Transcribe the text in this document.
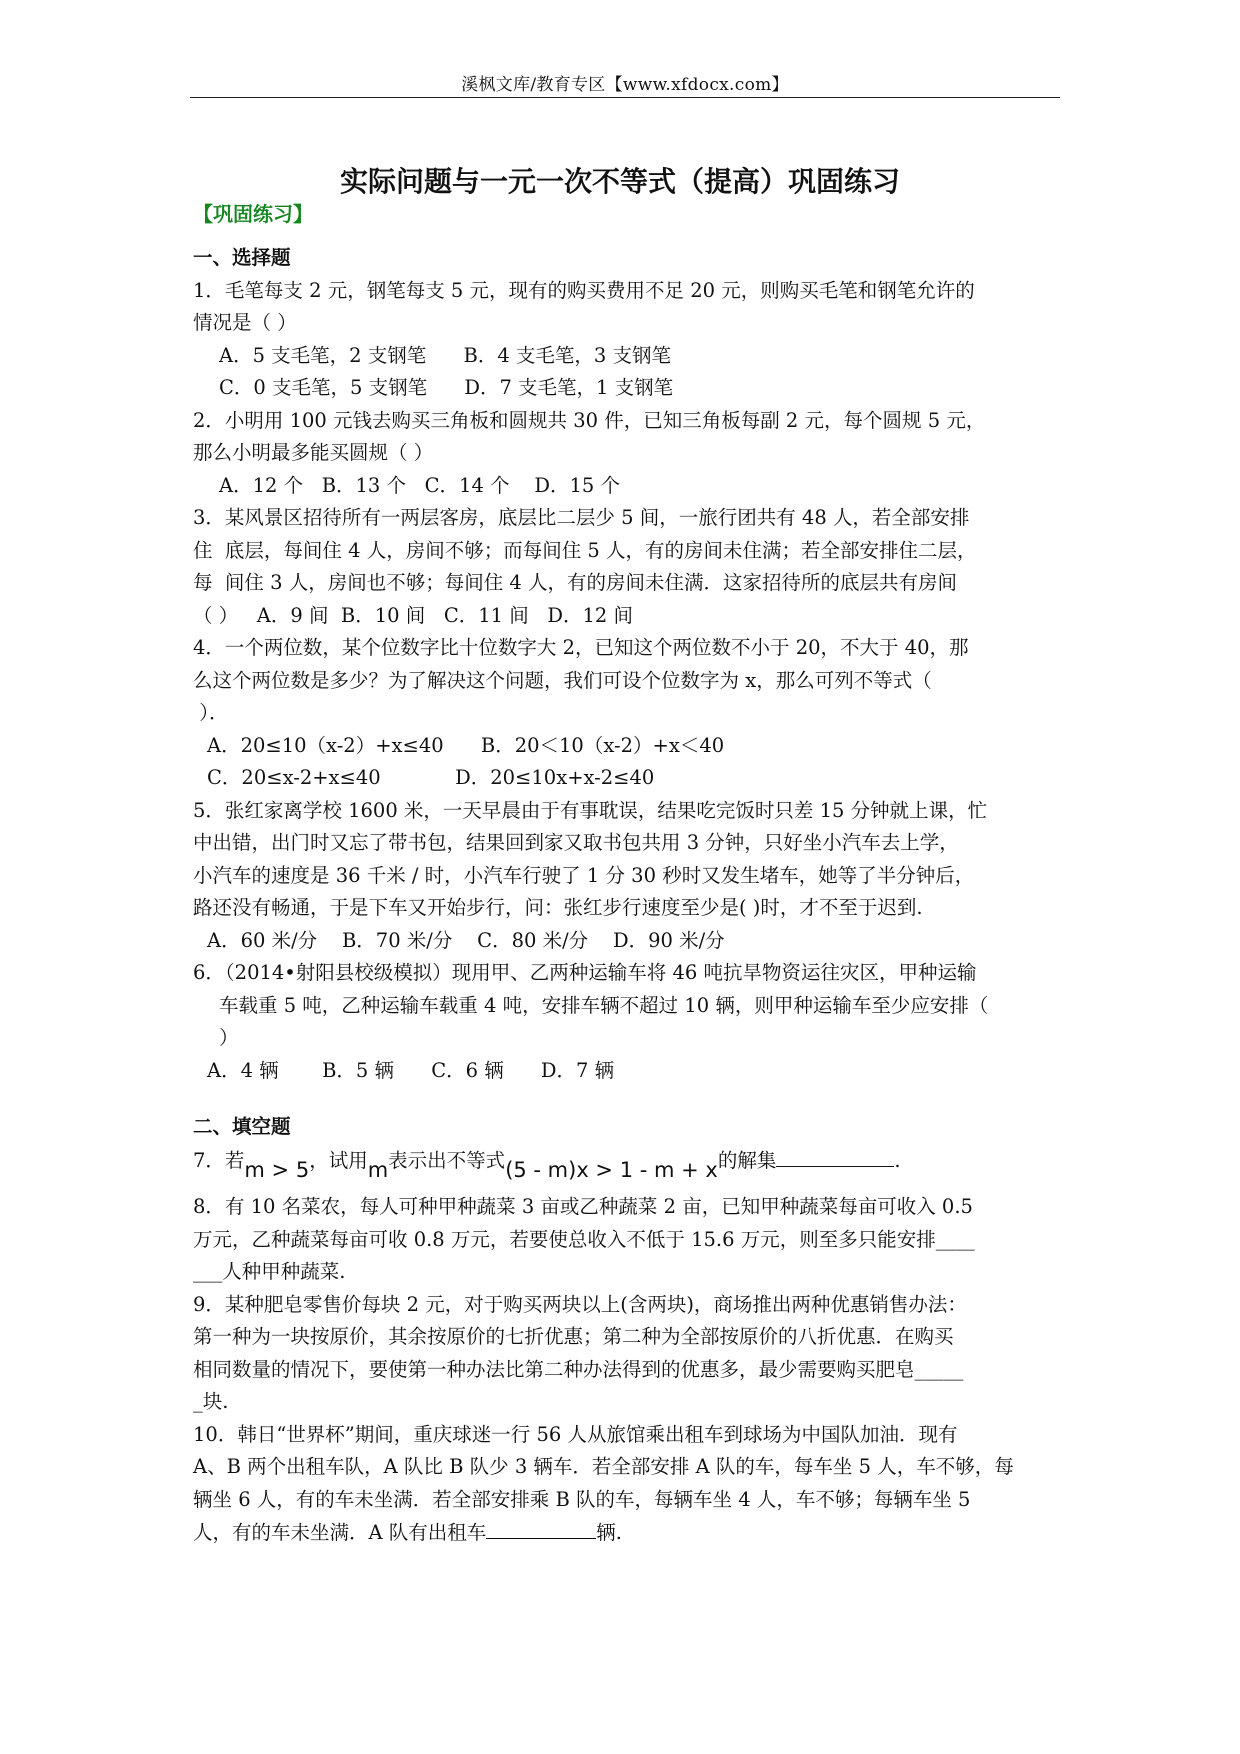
溪枫文库/教育专区【www.xfdocx.com】
实际问题与一元一次不等式（提高）巩固练习
【巩固练习】
一、选择题
1．毛笔每支 2 元，钢笔每支 5 元，现有的购买费用不足 20 元，则购买毛笔和钢笔允许的
情况是（ ）
A．5 支毛笔，2 支钢笔      B．4 支毛笔，3 支钢笔
C．0 支毛笔，5 支钢笔      D．7 支毛笔，1 支钢笔
2．小明用 100 元钱去购买三角板和圆规共 30 件，已知三角板每副 2 元，每个圆规 5 元，
那么小明最多能买圆规（ ）
A．12 个   B．13 个   C．14 个    D．15 个
3．某风景区招待所有一两层客房，底层比二层少 5 间，一旅行团共有 48 人，若全部安排
住  底层，每间住 4 人，房间不够；而每间住 5 人，有的房间未住满；若全部安排住二层，
每  间住 3 人，房间也不够；每间住 4 人，有的房间未住满．这家招待所的底层共有房间
（ ）   A．9 间  B．10 间   C．11 间   D．12 间
4．一个两位数，某个位数字比十位数字大 2，已知这个两位数不小于 20，不大于 40，那
么这个两位数是多少？为了解决这个问题，我们可设个位数字为 x，那么可列不等式（
）．
A．20≤10（x-2）+x≤40      B．20＜10（x-2）+x＜40
C．20≤x-2+x≤40            D．20≤10x+x-2≤40
5．张红家离学校 1600 米，一天早晨由于有事耽误，结果吃完饭时只差 15 分钟就上课，忙
中出错，出门时又忘了带书包，结果回到家又取书包共用 3 分钟，只好坐小汽车去上学，
小汽车的速度是 36 千米 / 时，小汽车行驶了 1 分 30 秒时又发生堵车，她等了半分钟后，
路还没有畅通，于是下车又开始步行，问：张红步行速度至少是( )时，才不至于迟到.
A．60 米/分    B．70 米/分    C．80 米/分    D．90 米/分
6．（2014•射阳县校级模拟）现用甲、乙两种运输车将 46 吨抗旱物资运往灾区，甲种运输
车载重 5 吨，乙种运输车载重 4 吨，安排车辆不超过 10 辆，则甲种运输车至少应安排（
）
A．4 辆       B．5 辆      C．6 辆      D．7 辆
二、填空题
7．若m > 5，试用m表示出不等式(5 - m)x > 1 - m + x的解集	.
8．有 10 名菜农，每人可种甲种蔬菜 3 亩或乙种蔬菜 2 亩，已知甲种蔬菜每亩可收入 0.5
万元，乙种蔬菜每亩可收 0.8 万元，若要使总收入不低于 15.6 万元，则至多只能安排____
___人种甲种蔬菜.
9．某种肥皂零售价每块 2 元，对于购买两块以上(含两块)，商场推出两种优惠销售办法：
第一种为一块按原价，其余按原价的七折优惠；第二种为全部按原价的八折优惠．在购买
相同数量的情况下，要使第一种办法比第二种办法得到的优惠多，最少需要购买肥皂_____
_块.
10．韩日“世界杯”期间，重庆球迷一行 56 人从旅馆乘出租车到球场为中国队加油．现有
A、B 两个出租车队，A 队比 B 队少 3 辆车．若全部安排 A 队的车，每车坐 5 人，车不够，每
辆坐 6 人，有的车未坐满．若全部安排乘 B 队的车，每辆车坐 4 人，车不够；每辆车坐 5
人，有的车未坐满．A 队有出租车	辆.
